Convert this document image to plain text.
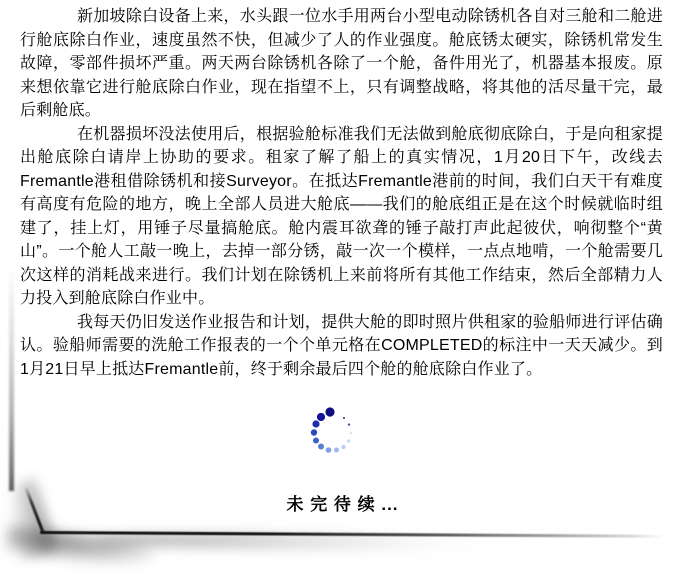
新加坡除白设备上来，水头跟一位水手用两台小型电动除锈机各自对三舱和二舱进行舱底除白作业，速度虽然不快，但减少了人的作业强度。舱底锈太硬实，除锈机常发生故障，零部件损坏严重。两天两台除锈机各除了一个舱，备件用光了，机器基本报废。原来想依靠它进行舱底除白作业，现在指望不上，只有调整战略，将其他的活尽量干完，最后剩舱底。

在机器损坏没法使用后，根据验舱标准我们无法做到舱底彻底除白，于是向租家提出舱底除白请岸上协助的要求。租家了解了船上的真实情况，1月20日下午，改线去Fremantle港租借除锈机和接Surveyor。在抵达Fremantle港前的时间，我们白天干有难度有高度有危险的地方，晚上全部人员进大舱底——我们的舱底组正是在这个时候就临时组建了，挂上灯，用锤子尽量搞舱底。舱内震耳欲聋的锤子敲打声此起彼伏，响彻整个“黄山”。一个舱人工敲一晚上，去掉一部分锈，敲一次一个模样，一点点地啃，一个舱需要几次这样的消耗战来进行。我们计划在除锈机上来前将所有其他工作结束，然后全部精力人力投入到舱底除白作业中。

我每天仍旧发送作业报告和计划，提供大舱的即时照片供租家的验船师进行评估确认。验船师需要的洗舱工作报表的一个个单元格在COMPLETED的标注中一天天减少。到1月21日早上抵达Fremantle前，终于剩余最后四个舱的舱底除白作业了。

未 完 待 续 ...
